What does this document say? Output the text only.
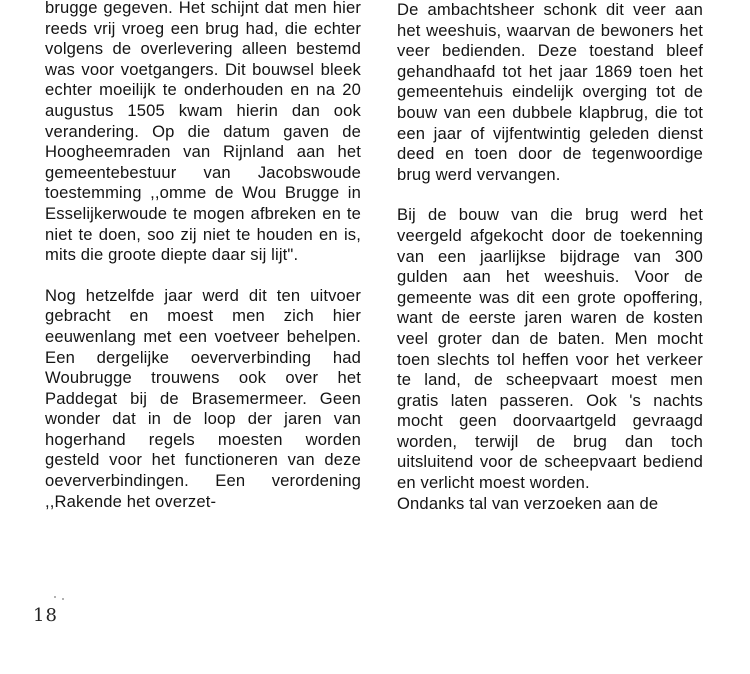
brugge gegeven. Het schijnt dat men hier reeds vrij vroeg een brug had, die echter volgens de overlevering alleen bestemd was voor voetgangers. Dit bouwsel bleek echter moeilijk te onderhouden en na 20 augustus 1505 kwam hierin dan ook verandering. Op die datum gaven de Hoogheemraden van Rijnland aan het gemeentebestuur van Jacobswoude toestemming ,,omme de Wou Brugge in Esselijkerwoude te mogen afbreken en te niet te doen, soo zij niet te houden en is, mits die groote diepte daar sij lijt".

Nog hetzelfde jaar werd dit ten uitvoer gebracht en moest men zich hier eeuwenlang met een voetveer behelpen. Een dergelijke oeververbinding had Woubrugge trouwens ook over het Paddegat bij de Brasemermeer. Geen wonder dat in de loop der jaren van hogerhand regels moesten worden gesteld voor het functioneren van deze oeververbindingen. Een verordening ,,Rakende het overzet-

De ambachtsheer schonk dit veer aan het weeshuis, waarvan de bewoners het veer bedienden. Deze toestand bleef gehandhaafd tot het jaar 1869 toen het gemeentehuis eindelijk overging tot de bouw van een dubbele klapbrug, die tot een jaar of vijfentwintig geleden dienst deed en toen door de tegenwoordige brug werd vervangen.

Bij de bouw van die brug werd het veergeld afgekocht door de toekenning van een jaarlijkse bijdrage van 300 gulden aan het weeshuis. Voor de gemeente was dit een grote opoffering, want de eerste jaren waren de kosten veel groter dan de baten. Men mocht toen slechts tol heffen voor het verkeer te land, de scheepvaart moest men gratis laten passeren. Ook 's nachts mocht geen doorvaartgeld gevraagd worden, terwijl de brug dan toch uitsluitend voor de scheepvaart bediend en verlicht moest worden.

Ondanks tal van verzoeken aan de

18
